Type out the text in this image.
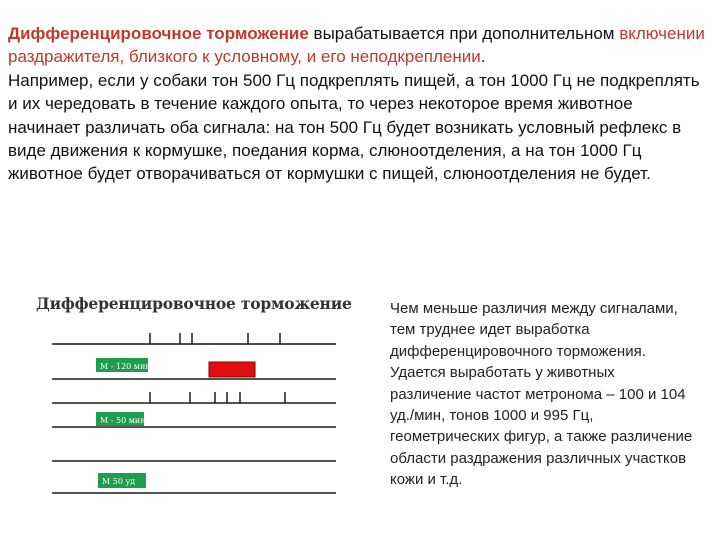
Дифференцировочное торможение вырабатывается при дополнительном включении раздражителя, близкого к условному, и его неподкреплении.

Например, если у собаки тон 500 Гц подкреплять пищей, а тон 1000 Гц не подкреплять и их чередовать в течение каждого опыта, то через некоторое время животное начинает различать оба сигнала: на тон 500 Гц будет возникать условный рефлекс в виде движения к кормушке, поедания корма, слюноотделения, а на тон 1000 Гц животное будет отворачиваться от кормушки с пищей, слюноотделения не будет.

Дифференцировочное торможение
М - 120 мин
М - 50 мин
М 50 уд
Чем меньше различия между сигналами, тем труднее идет выработка дифференцировочного торможения. Удается выработать у животных различение частот метронома – 100 и 104 уд./мин, тонов 1000 и 995 Гц, геометрических фигур, а также различение области раздражения различных участков кожи и т.д.
